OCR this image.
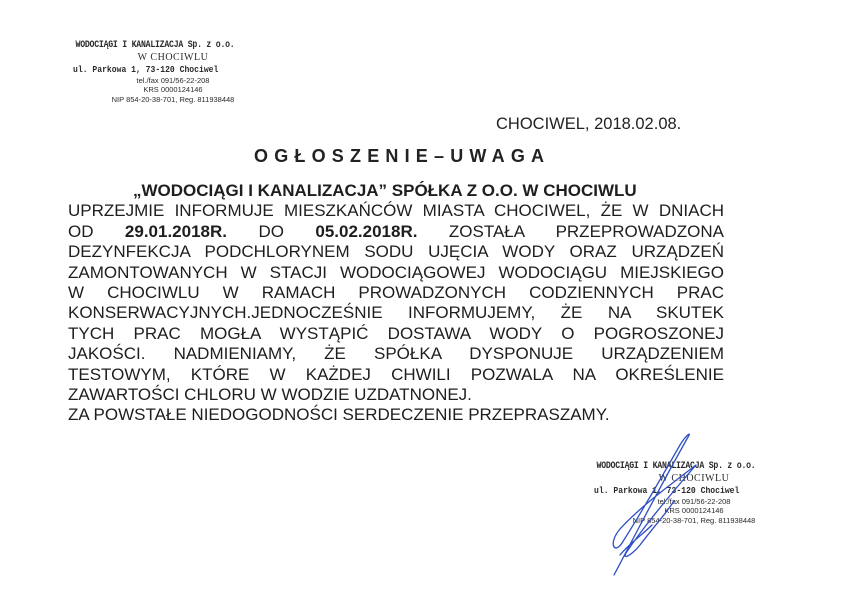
WODOCIĄGI I KANALIZACJA Sp. z o.o.
W CHOCIWLU
ul. Parkowa 1, 73-120 Chociwel
tel./fax 091/56-22-208
KRS 0000124146
NIP 854-20-38-701, Reg. 811938448
CHOCIWEL, 2018.02.08.
OGŁOSZENIE–UWAGA
„WODOCIĄGI I KANALIZACJA” SPÓŁKA Z O.O. W CHOCIWLU
UPRZEJMIE INFORMUJE MIESZKAŃCÓW MIASTA CHOCIWEL, ŻE W DNIACH
OD 29.01.2018R. DO 05.02.2018R. ZOSTAŁA PRZEPROWADZONA
DEZYNFEKCJA PODCHLORYNEM SODU UJĘCIA WODY ORAZ URZĄDZEŃ
ZAMONTOWANYCH W STACJI WODOCIĄGOWEJ WODOCIĄGU MIEJSKIEGO
W CHOCIWLU W RAMACH PROWADZONYCH CODZIENNYCH PRAC
KONSERWACYJNYCH.JEDNOCZEŚNIE INFORMUJEMY, ŻE NA SKUTEK
TYCH PRAC MOGŁA WYSTĄPIĆ DOSTAWA WODY O POGROSZONEJ
JAKOŚCI. NADMIENIAMY, ŻE SPÓŁKA DYSPONUJE URZĄDZENIEM
TESTOWYM, KTÓRE W KAŻDEJ CHWILI POZWALA NA OKREŚLENIE
ZAWARTOŚCI CHLORU W WODZIE UZDATNONEJ.
ZA POWSTAŁE NIEDOGODNOŚCI SERDECZENIE PRZEPRASZAMY.
WODOCIĄGI I KANALIZACJA Sp. z o.o.
W CHOCIWLU
ul. Parkowa 1, 73-120 Chociwel
tel./fax 091/56-22-208
KRS 0000124146
NIP 854-20-38-701, Reg. 811938448
